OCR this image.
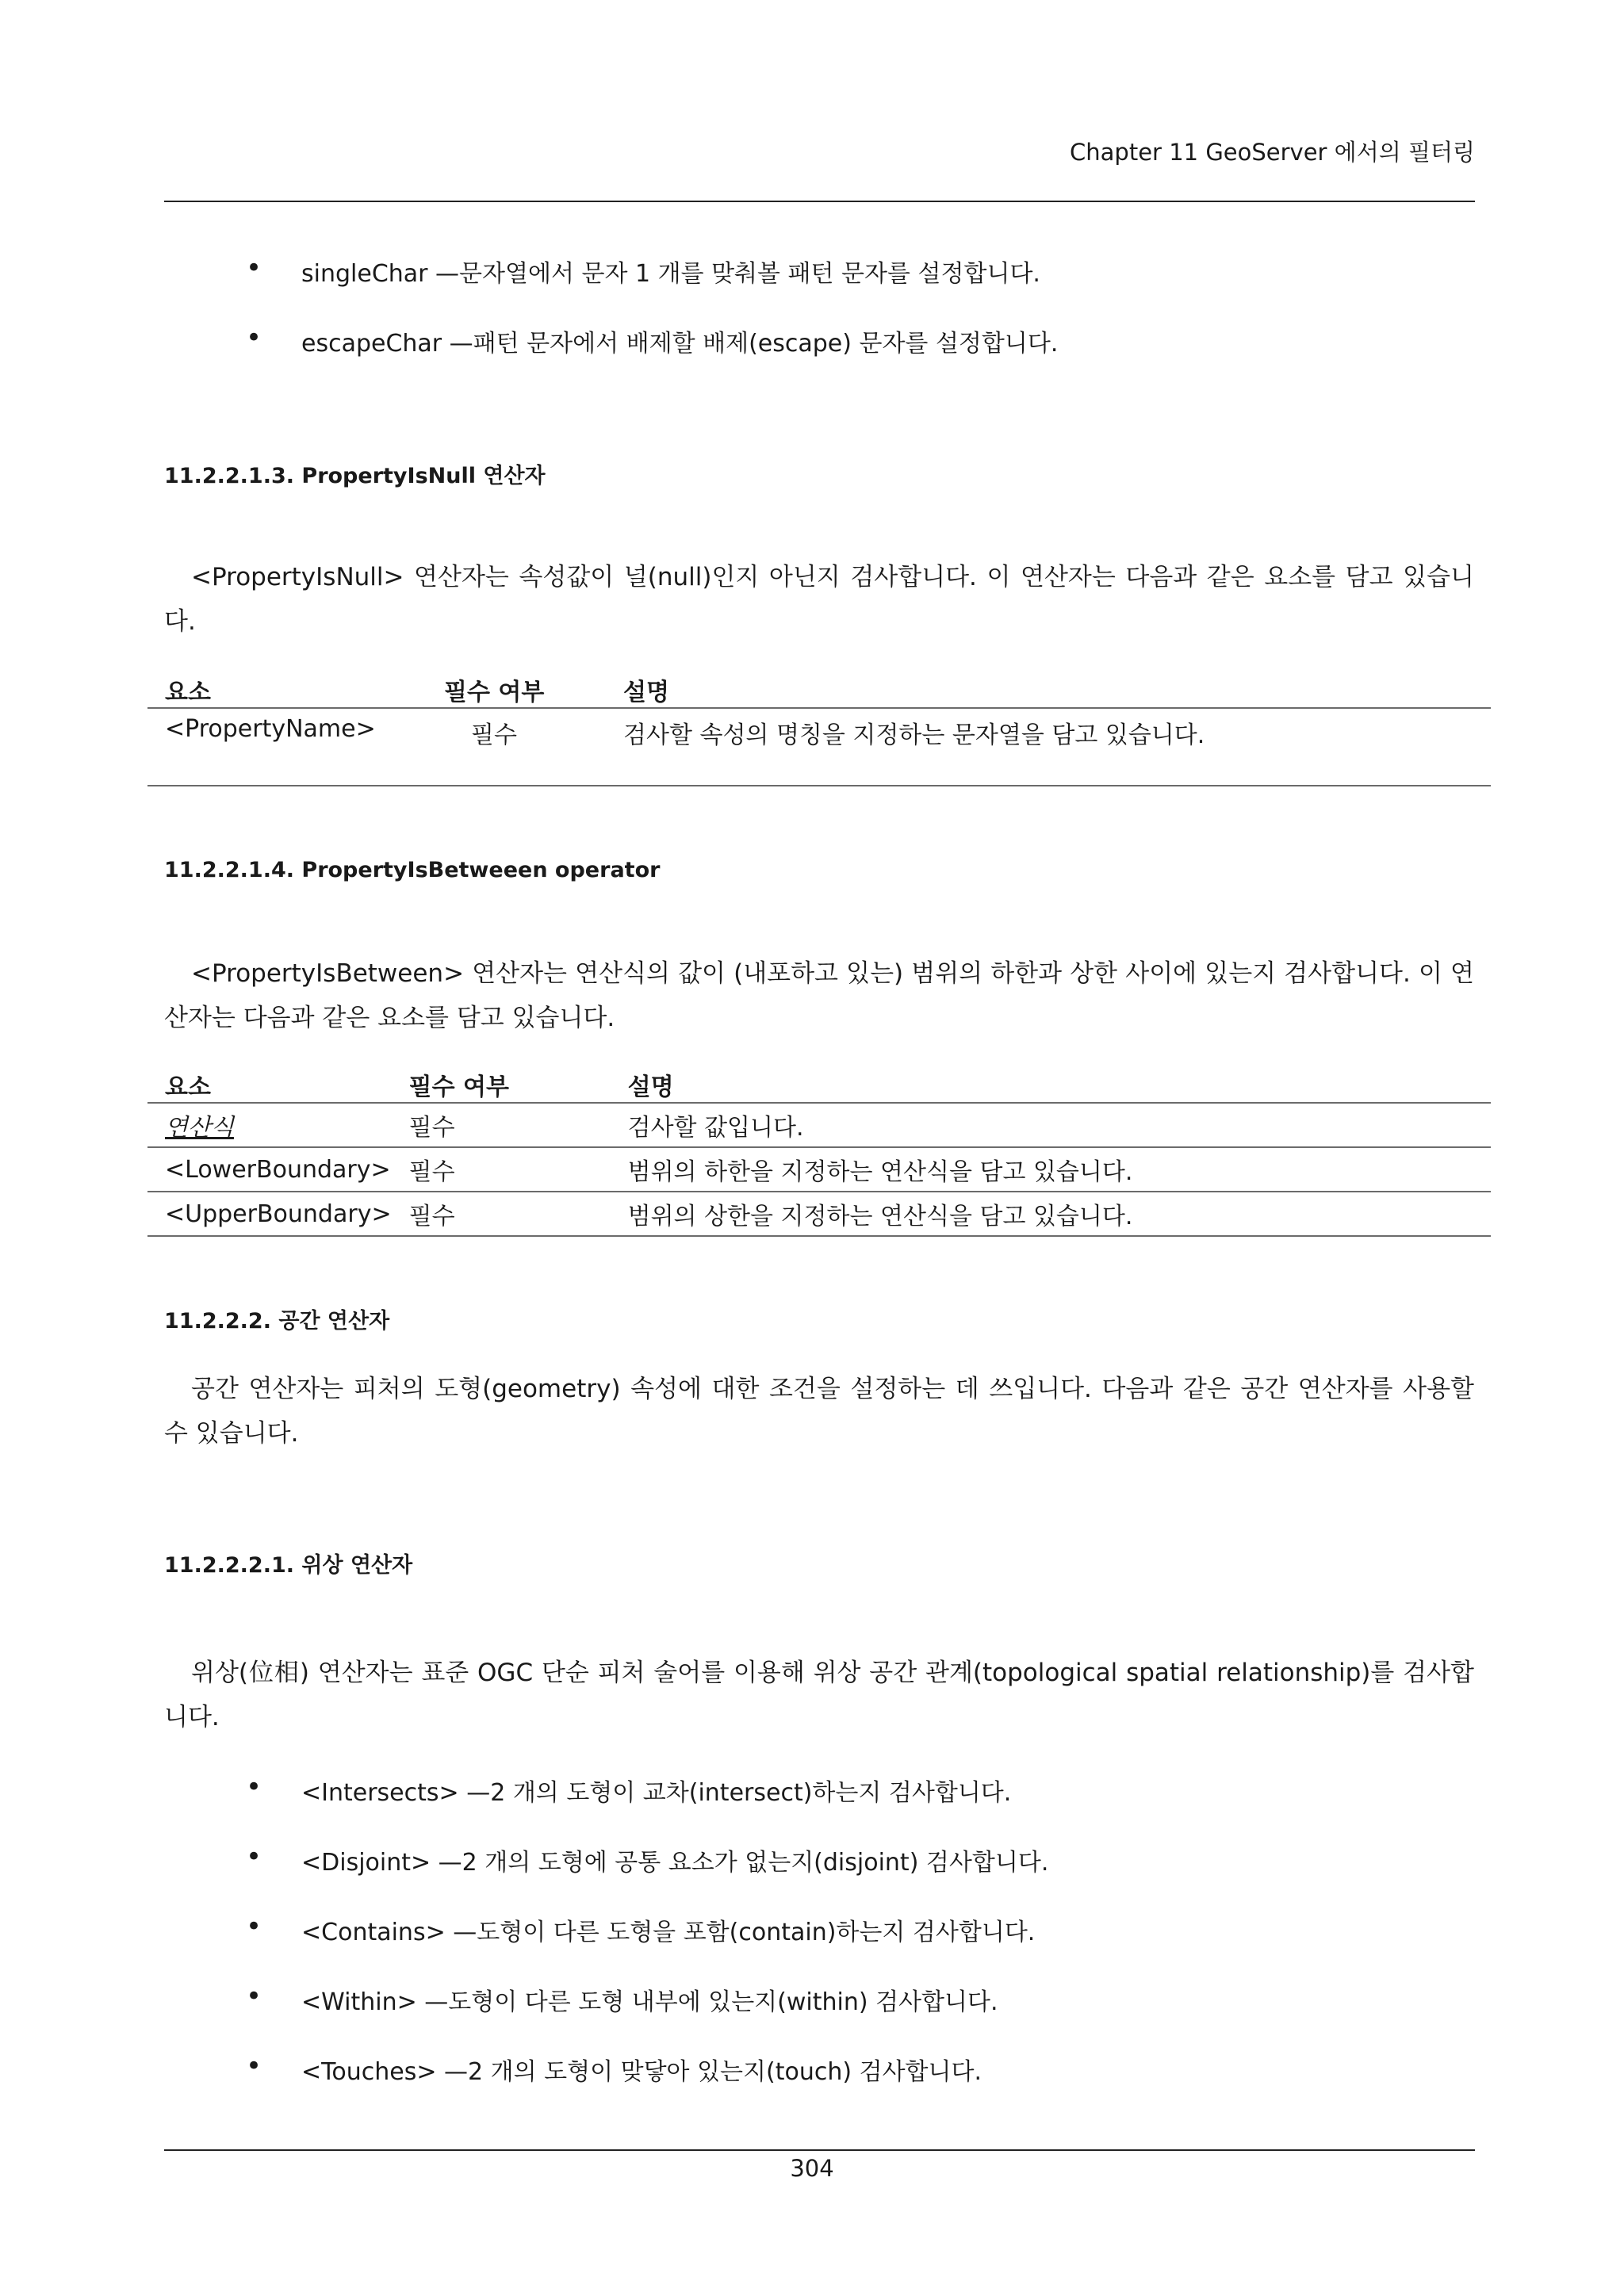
Chapter 11 GeoServer 에서의 필터링
• singleChar —문자열에서 문자 1 개를 맞춰볼 패턴 문자를 설정합니다.
• escapeChar —패턴 문자에서 배제할 배제(escape) 문자를 설정합니다.
11.2.2.1.3. PropertyIsNull 연산자
<PropertyIsNull> 연산자는 속성값이 널(null)인지 아닌지 검사합니다. 이 연산자는 다음과 같은 요소를 담고 있습니다.
요소	필수 여부	설명
<PropertyName>	필수	검사할 속성의 명칭을 지정하는 문자열을 담고 있습니다.
11.2.2.1.4. PropertyIsBetweeen operator
<PropertyIsBetween> 연산자는 연산식의 값이 (내포하고 있는) 범위의 하한과 상한 사이에 있는지 검사합니다. 이 연산자는 다음과 같은 요소를 담고 있습니다.
요소	필수 여부	설명
연산식	필수	검사할 값입니다.
<LowerBoundary>	필수	범위의 하한을 지정하는 연산식을 담고 있습니다.
<UpperBoundary>	필수	범위의 상한을 지정하는 연산식을 담고 있습니다.
11.2.2.2. 공간 연산자
공간 연산자는 피처의 도형(geometry) 속성에 대한 조건을 설정하는 데 쓰입니다. 다음과 같은 공간 연산자를 사용할 수 있습니다.
11.2.2.2.1. 위상 연산자
위상(位相) 연산자는 표준 OGC 단순 피처 술어를 이용해 위상 공간 관계(topological spatial relationship)를 검사합니다.
• <Intersects> —2 개의 도형이 교차(intersect)하는지 검사합니다.
• <Disjoint> —2 개의 도형에 공통 요소가 없는지(disjoint) 검사합니다.
• <Contains> —도형이 다른 도형을 포함(contain)하는지 검사합니다.
• <Within> —도형이 다른 도형 내부에 있는지(within) 검사합니다.
• <Touches> —2 개의 도형이 맞닿아 있는지(touch) 검사합니다.
304
